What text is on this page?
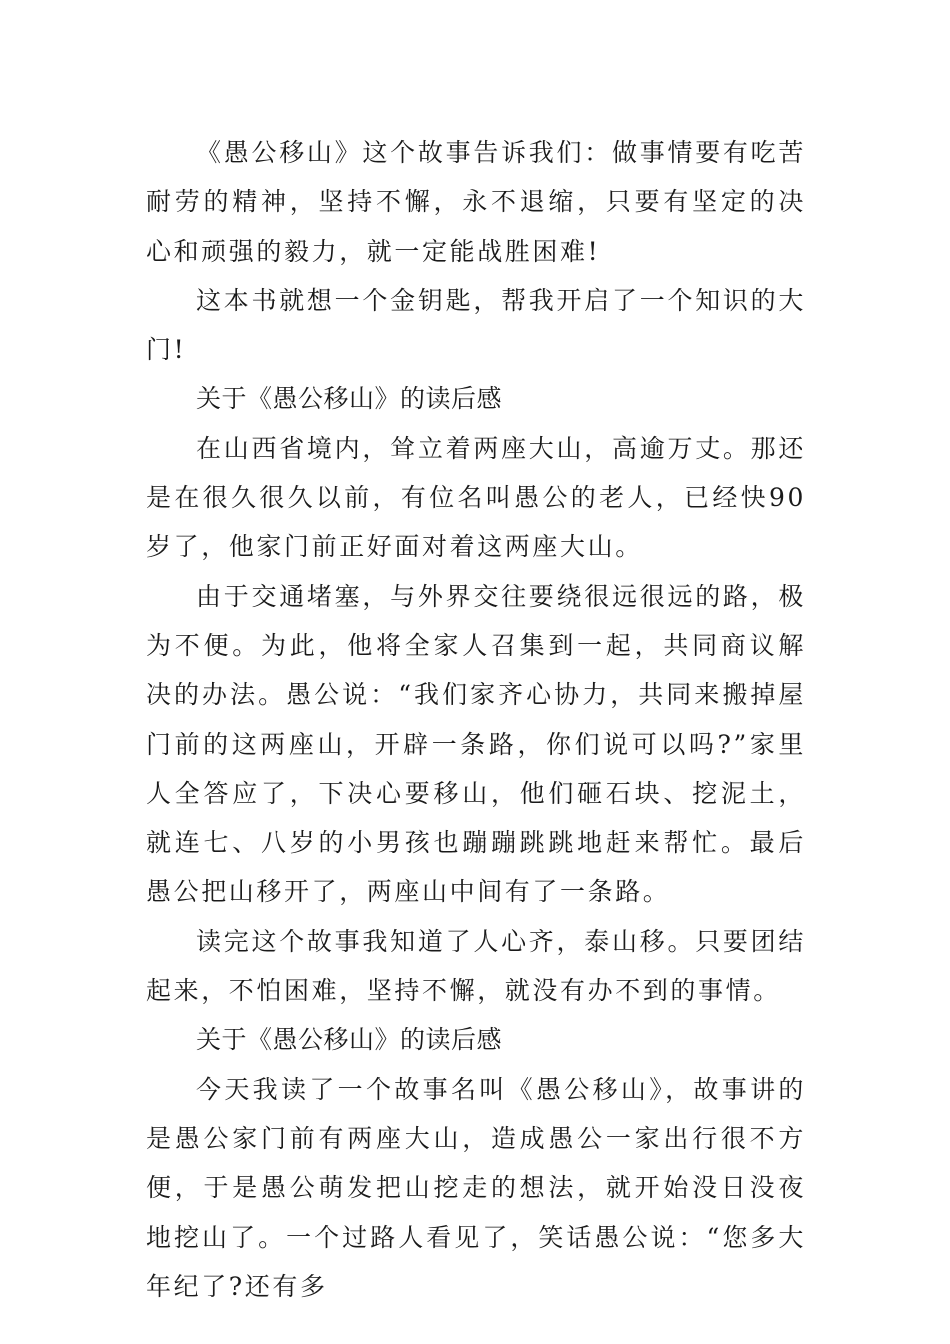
《愚公移山》这个故事告诉我们：做事情要有吃苦耐劳的精神，坚持不懈，永不退缩，只要有坚定的决心和顽强的毅力，就一定能战胜困难!

这本书就想一个金钥匙，帮我开启了一个知识的大门!

关于《愚公移山》的读后感

在山西省境内，耸立着两座大山，高逾万丈。那还是在很久很久以前，有位名叫愚公的老人，已经快90岁了，他家门前正好面对着这两座大山。

由于交通堵塞，与外界交往要绕很远很远的路，极为不便。为此，他将全家人召集到一起，共同商议解决的办法。愚公说：“我们家齐心协力，共同来搬掉屋门前的这两座山，开辟一条路，你们说可以吗?”家里人全答应了，下决心要移山，他们砸石块、挖泥土，就连七、八岁的小男孩也蹦蹦跳跳地赶来帮忙。最后愚公把山移开了，两座山中间有了一条路。

读完这个故事我知道了人心齐，泰山移。只要团结起来，不怕困难，坚持不懈，就没有办不到的事情。

关于《愚公移山》的读后感

今天我读了一个故事名叫《愚公移山》，故事讲的是愚公家门前有两座大山，造成愚公一家出行很不方便，于是愚公萌发把山挖走的想法，就开始没日没夜地挖山了。一个过路人看见了，笑话愚公说：“您多大年纪了?还有多
